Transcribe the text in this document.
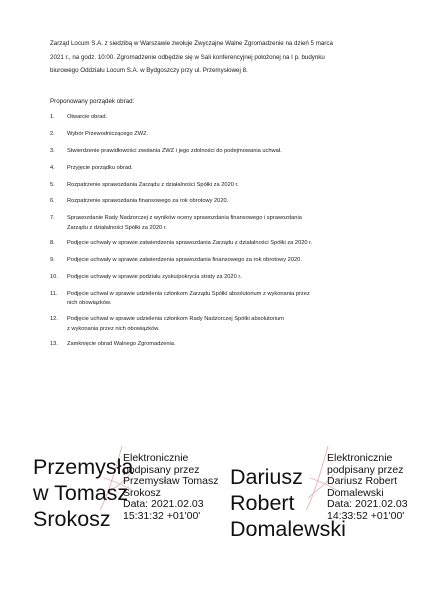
Zarząd Locum S.A. z siedzibą w Warszawie zwołuje Zwyczajne Walne Zgromadzenie na dzień 5 marca
2021 r., na godz. 10:00. Zgromadzenie odbędzie się w Sali konferencyjnej położonej na I p. budynku
biurowego Oddziału Locum S.A. w Bydgoszczy przy ul. Przemysłowej 8.
Proponowany porządek obrad:
1.	Otwarcie obrad.
2.	Wybór Przewodniczącego ZWZ.
3.	Stwierdzenie prawidłowości zwołania ZWZ i jego zdolności do podejmowania uchwał.
4.	Przyjęcie porządku obrad.
5.	Rozpatrzenie sprawozdania Zarządu z działalności Spółki za 2020 r.
6.	Rozpatrzenie sprawozdania finansowego za rok obrotowy 2020.
7.	Sprawozdanie Rady Nadzorczej z wyników oceny sprawozdania finansowego i sprawozdania
Zarządu z działalności Spółki za 2020 r.
8.	Podjęcie uchwały w sprawie zatwierdzenia sprawozdania Zarządu z działalności Spółki za 2020 r.
9.	Podjęcie uchwały w sprawie zatwierdzenia sprawozdania finansowego za rok obrotowy 2020.
10.	Podjęcie uchwały w sprawie podziału zysku/pokrycia straty za 2020 r.
11.	Podjęcie uchwał w sprawie udzielenia członkom Zarządu Spółki absolutorium z wykonania przez
nich obowiązków.
12.	Podjęcie uchwał w sprawie udzielenia członkom Rady Nadzorczej Spółki absolutorium
z wykonania przez nich obowiązków.
13.	Zamknięcie obrad Walnego Zgromadzenia.
Przemysła
w Tomasz
Srokosz
Elektronicznie
podpisany przez
Przemysław Tomasz
Srokosz
Data: 2021.02.03
15:31:32 +01'00'
Dariusz
Robert
Domalewski
Elektronicznie
podpisany przez
Dariusz Robert
Domalewski
Data: 2021.02.03
14:33:52 +01'00'
